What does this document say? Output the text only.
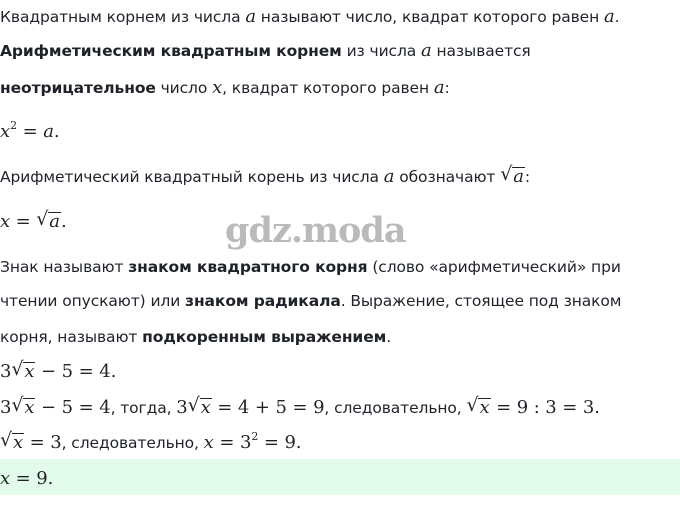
Квадратным корнем из числа a называют число, квадрат которого равен a.
Арифметическим квадратным корнем из числа a называется
неотрицательное число x, квадрат которого равен a:
$x^2 = a$.
Арифметический квадратный корень из числа a обозначают √ a:
x = √ a.	gdz.moda
Знак называют знаком квадратного корня (слово «арифметический» при
чтении опускают) или знаком радикала. Выражение, стоящее под знаком
корня, называют подкоренным выражением.
3 √ x − 5 = 4.
3 √ x − 5 = 4, тогда, 3 √ x = 4 + 5 = 9, следовательно, √ x = 9 : 3 = 3.
√ x = 3, следовательно, $x = 3^2 = 9$.
x = 9.
